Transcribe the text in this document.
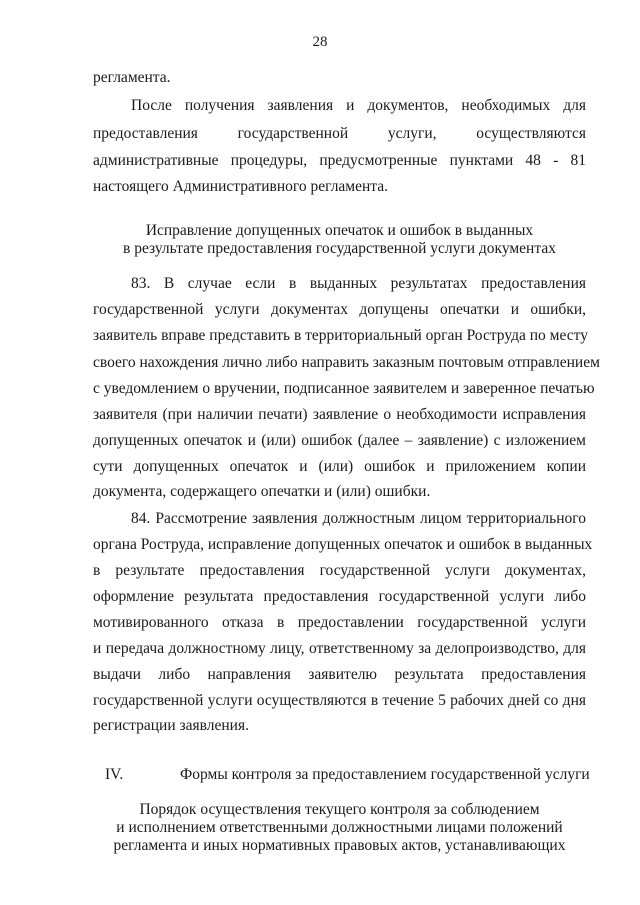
28
регламента.
После получения заявления и документов, необходимых для
предоставления государственной услуги, осуществляются
административные процедуры, предусмотренные пунктами 48 - 81
настоящего Административного регламента.
Исправление допущенных опечаток и ошибок в выданных
в результате предоставления государственной услуги документах
83. В случае если в выданных результатах предоставления
государственной услуги документах допущены опечатки и ошибки,
заявитель вправе представить в территориальный орган Роструда по месту
своего нахождения лично либо направить заказным почтовым отправлением
с уведомлением о вручении, подписанное заявителем и заверенное печатью
заявителя (при наличии печати) заявление о необходимости исправления
допущенных опечаток и (или) ошибок (далее – заявление) с изложением
сути допущенных опечаток и (или) ошибок и приложением копии
документа, содержащего опечатки и (или) ошибки.
84. Рассмотрение заявления должностным лицом территориального
органа Роструда, исправление допущенных опечаток и ошибок в выданных
в результате предоставления государственной услуги документах,
оформление результата предоставления государственной услуги либо
мотивированного отказа в предоставлении государственной услуги
и передача должностному лицу, ответственному за делопроизводство, для
выдачи либо направления заявителю результата предоставления
государственной услуги осуществляются в течение 5 рабочих дней со дня
регистрации заявления.
IV.	Формы контроля за предоставлением государственной услуги
Порядок осуществления текущего контроля за соблюдением
и исполнением ответственными должностными лицами положений
регламента и иных нормативных правовых актов, устанавливающих
